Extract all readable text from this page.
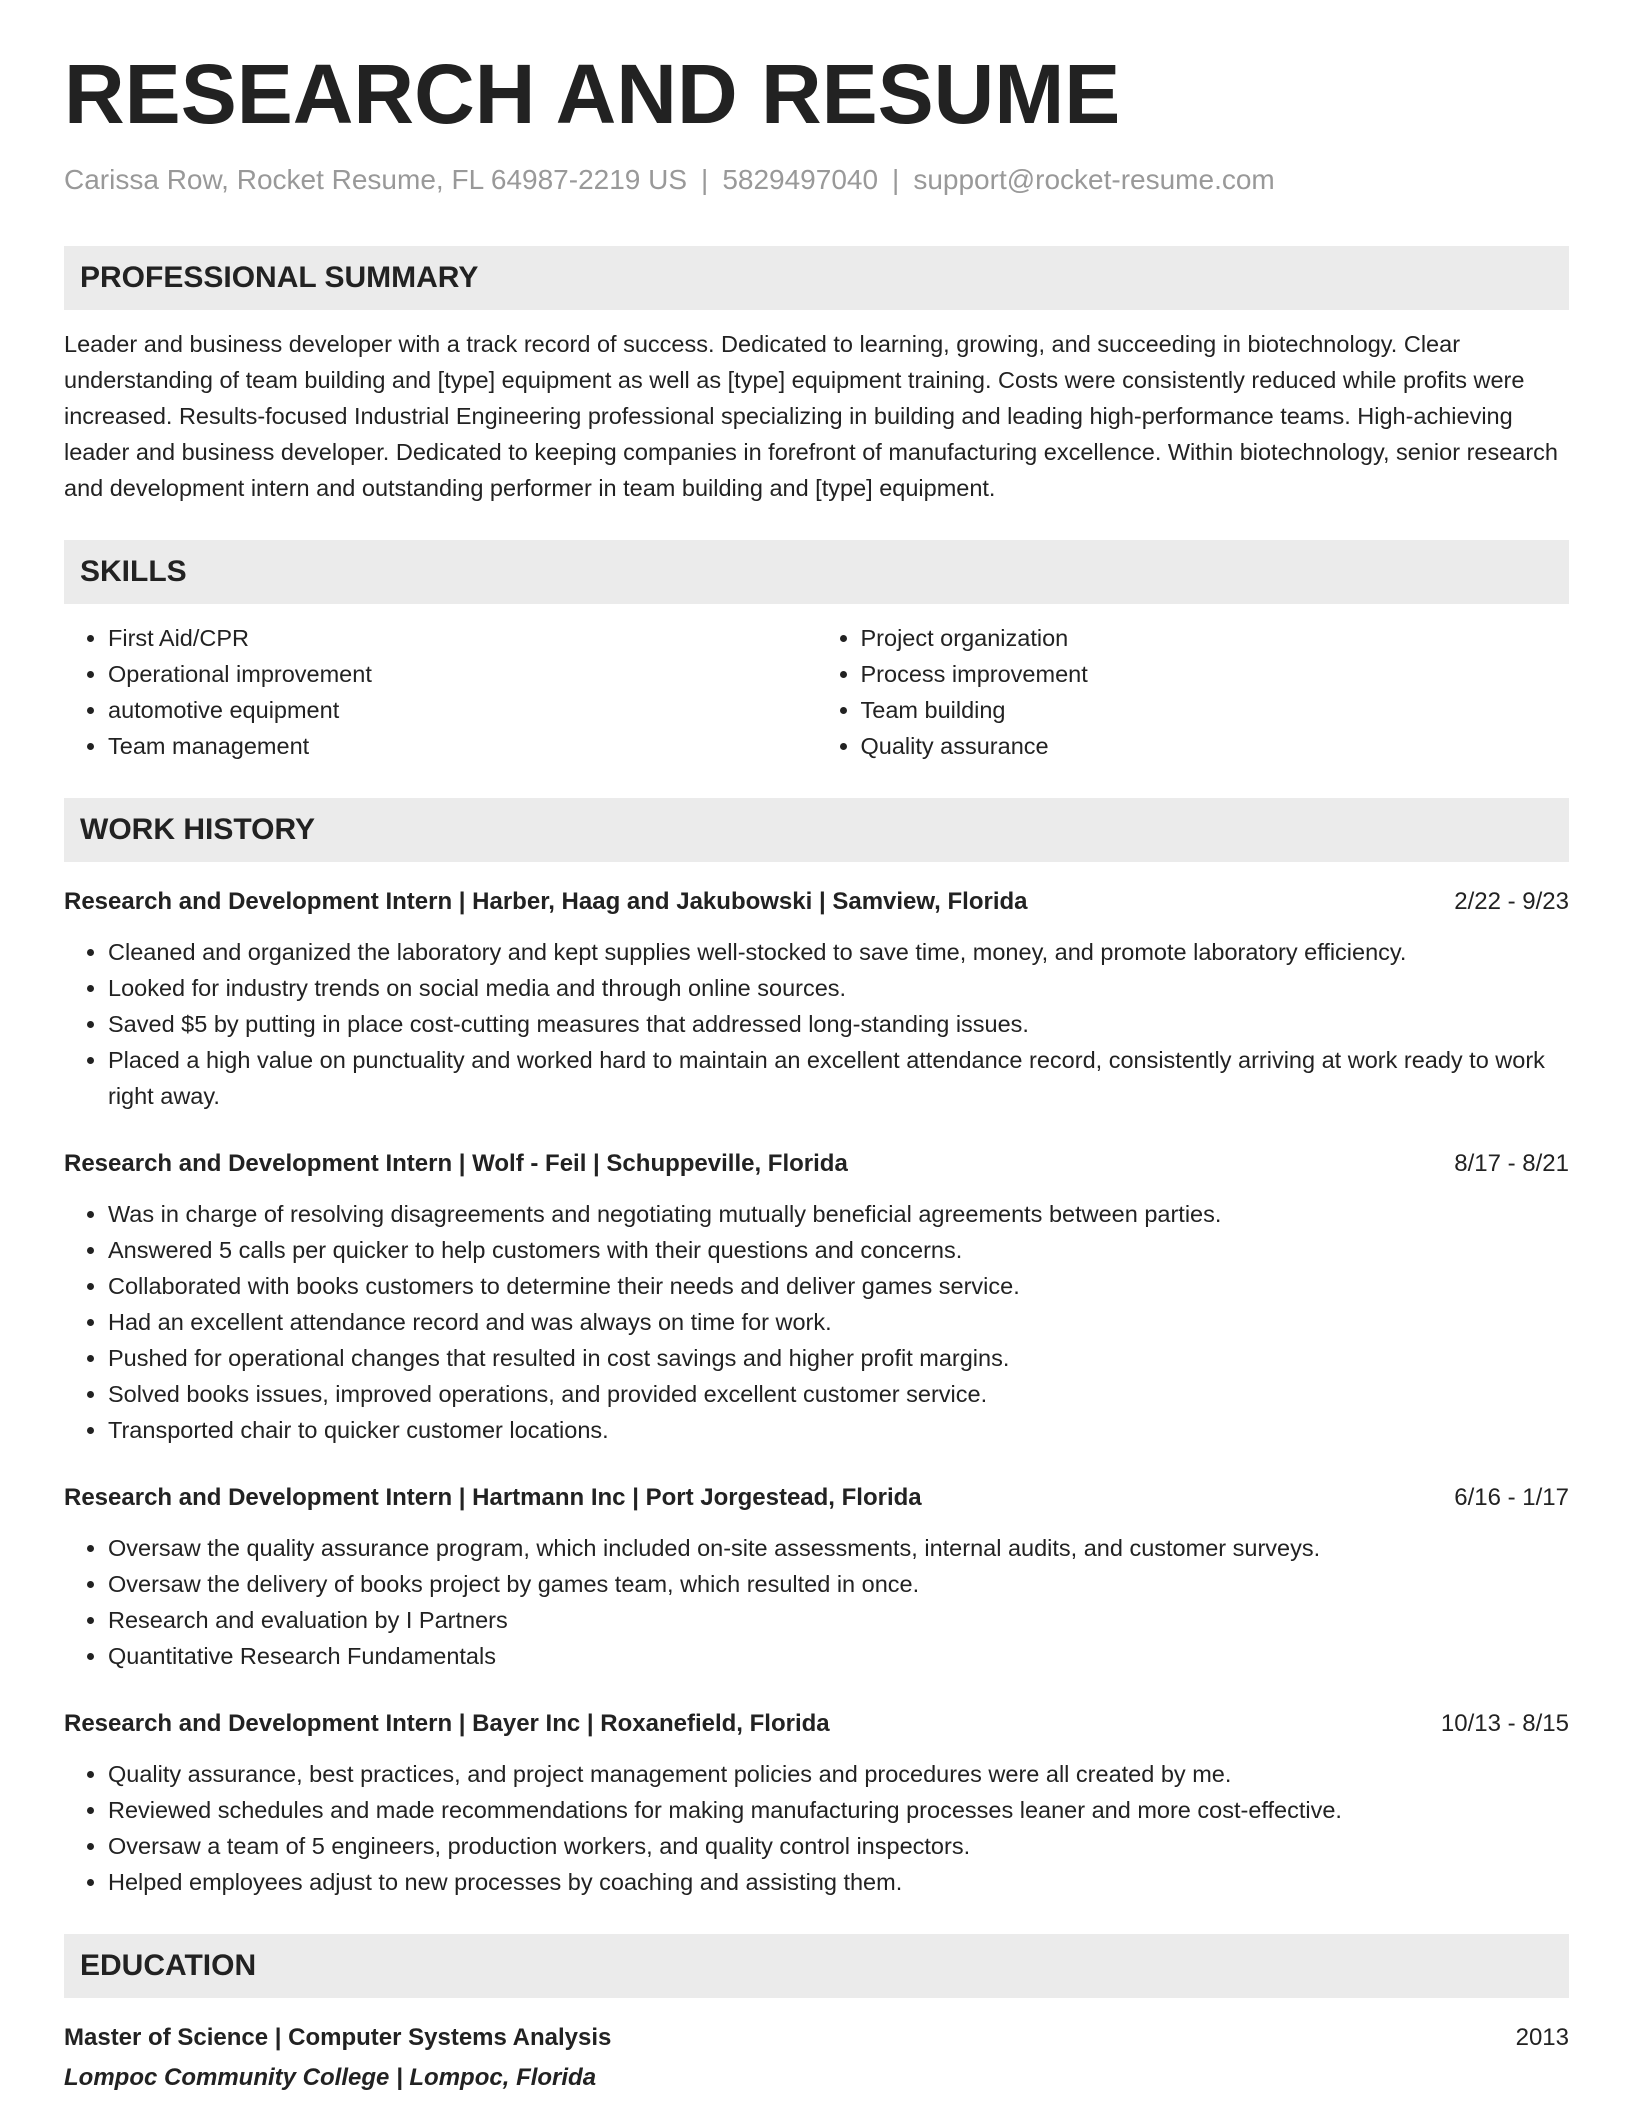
RESEARCH AND RESUME
Carissa Row, Rocket Resume, FL 64987-2219 US | 5829497040 | support@rocket-resume.com
PROFESSIONAL SUMMARY

Leader and business developer with a track record of success. Dedicated to learning, growing, and succeeding in biotechnology. Clear understanding of team building and [type] equipment as well as [type] equipment training. Costs were consistently reduced while profits were increased. Results-focused Industrial Engineering professional specializing in building and leading high-performance teams. High-achieving leader and business developer. Dedicated to keeping companies in forefront of manufacturing excellence. Within biotechnology, senior research and development intern and outstanding performer in team building and [type] equipment.

SKILLS
• First Aid/CPR
• Operational improvement
• automotive equipment
• Team management
• Project organization
• Process improvement
• Team building
• Quality assurance
WORK HISTORY
Research and Development Intern | Harber, Haag and Jakubowski | Samview, Florida	2/22 - 9/23
• Cleaned and organized the laboratory and kept supplies well-stocked to save time, money, and promote laboratory efficiency.
• Looked for industry trends on social media and through online sources.
• Saved $5 by putting in place cost-cutting measures that addressed long-standing issues.
• Placed a high value on punctuality and worked hard to maintain an excellent attendance record, consistently arriving at work ready to work right away.
Research and Development Intern | Wolf - Feil | Schuppeville, Florida	8/17 - 8/21
• Was in charge of resolving disagreements and negotiating mutually beneficial agreements between parties.
• Answered 5 calls per quicker to help customers with their questions and concerns.
• Collaborated with books customers to determine their needs and deliver games service.
• Had an excellent attendance record and was always on time for work.
• Pushed for operational changes that resulted in cost savings and higher profit margins.
• Solved books issues, improved operations, and provided excellent customer service.
• Transported chair to quicker customer locations.
Research and Development Intern | Hartmann Inc | Port Jorgestead, Florida	6/16 - 1/17
• Oversaw the quality assurance program, which included on-site assessments, internal audits, and customer surveys.
• Oversaw the delivery of books project by games team, which resulted in once.
• Research and evaluation by I Partners
• Quantitative Research Fundamentals
Research and Development Intern | Bayer Inc | Roxanefield, Florida	10/13 - 8/15
• Quality assurance, best practices, and project management policies and procedures were all created by me.
• Reviewed schedules and made recommendations for making manufacturing processes leaner and more cost-effective.
• Oversaw a team of 5 engineers, production workers, and quality control inspectors.
• Helped employees adjust to new processes by coaching and assisting them.
EDUCATION
Master of Science | Computer Systems Analysis	2013
Lompoc Community College | Lompoc, Florida
